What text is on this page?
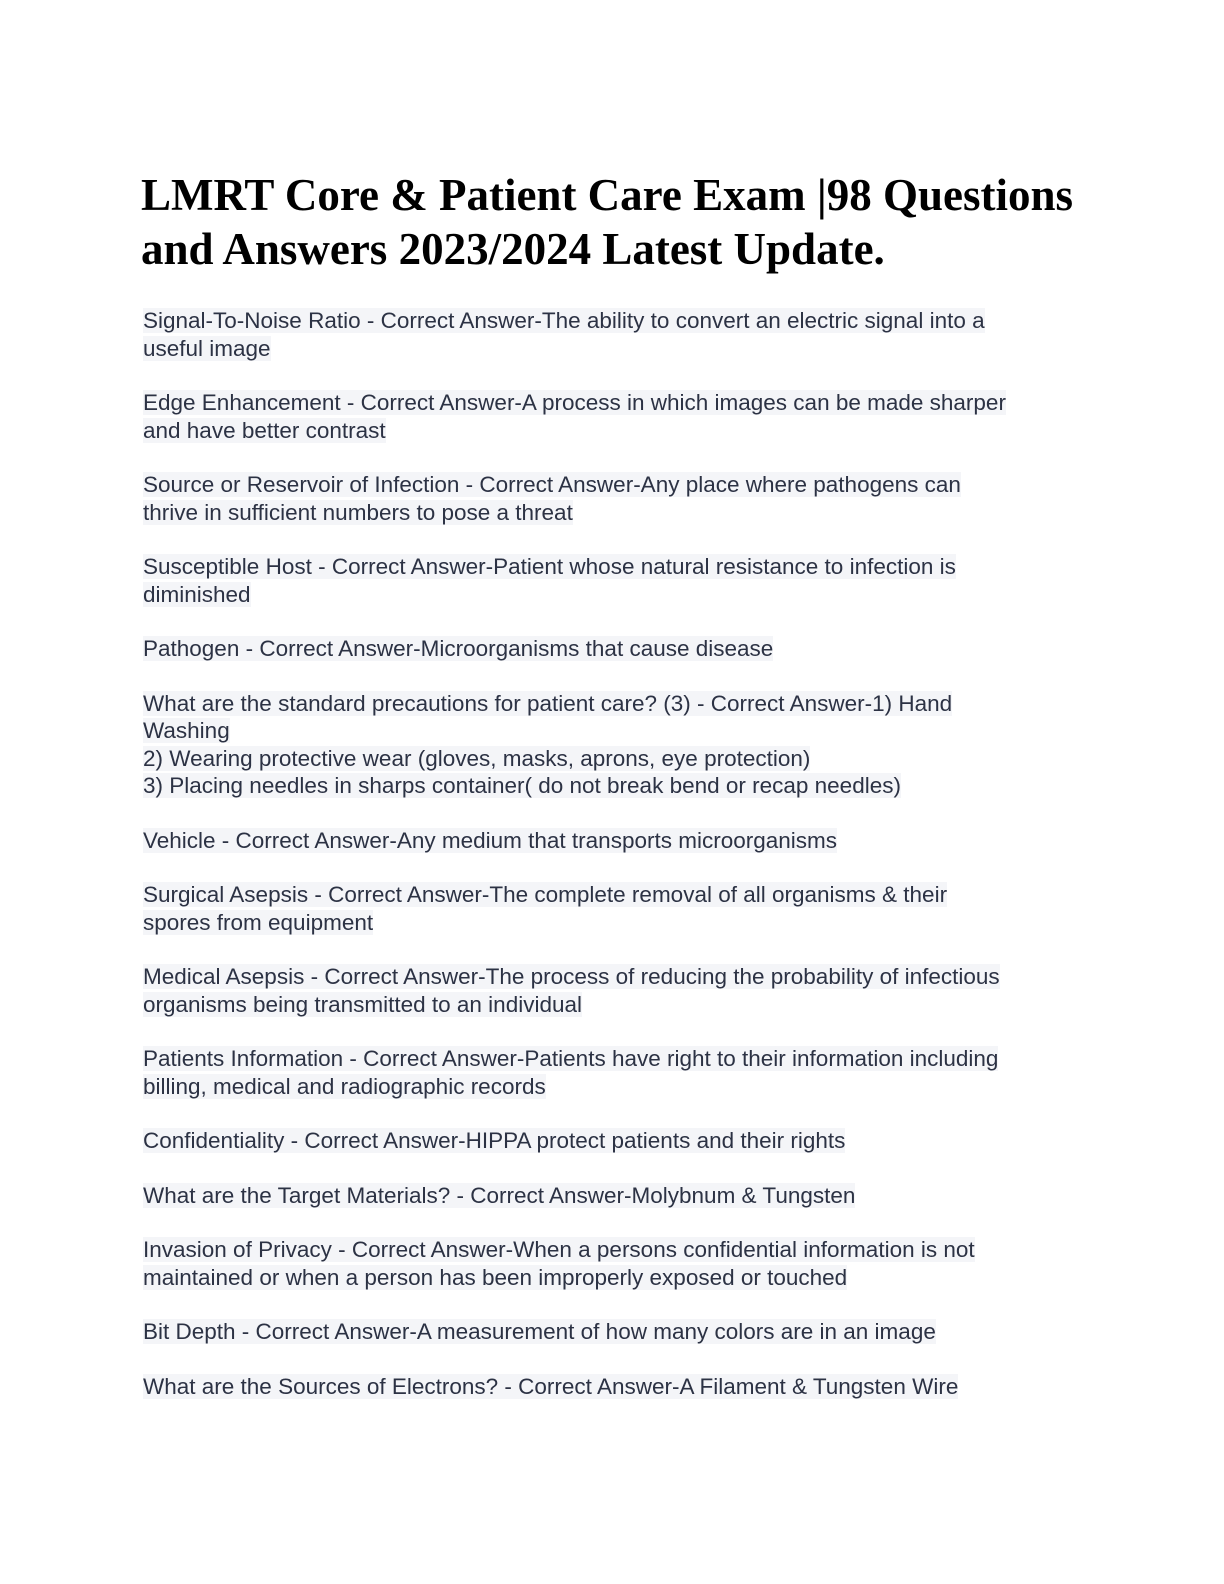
LMRT Core & Patient Care Exam |98 Questions
and Answers 2023/2024 Latest Update.
Signal-To-Noise Ratio - Correct Answer-The ability to convert an electric signal into a
useful image
Edge Enhancement - Correct Answer-A process in which images can be made sharper
and have better contrast
Source or Reservoir of Infection - Correct Answer-Any place where pathogens can
thrive in sufficient numbers to pose a threat
Susceptible Host - Correct Answer-Patient whose natural resistance to infection is
diminished
Pathogen - Correct Answer-Microorganisms that cause disease
What are the standard precautions for patient care? (3) - Correct Answer-1) Hand
Washing
2) Wearing protective wear (gloves, masks, aprons, eye protection)
3) Placing needles in sharps container( do not break bend or recap needles)
Vehicle - Correct Answer-Any medium that transports microorganisms
Surgical Asepsis - Correct Answer-The complete removal of all organisms & their
spores from equipment
Medical Asepsis - Correct Answer-The process of reducing the probability of infectious
organisms being transmitted to an individual
Patients Information - Correct Answer-Patients have right to their information including
billing, medical and radiographic records
Confidentiality - Correct Answer-HIPPA protect patients and their rights
What are the Target Materials? - Correct Answer-Molybnum & Tungsten
Invasion of Privacy - Correct Answer-When a persons confidential information is not
maintained or when a person has been improperly exposed or touched
Bit Depth - Correct Answer-A measurement of how many colors are in an image
What are the Sources of Electrons? - Correct Answer-A Filament & Tungsten Wire
